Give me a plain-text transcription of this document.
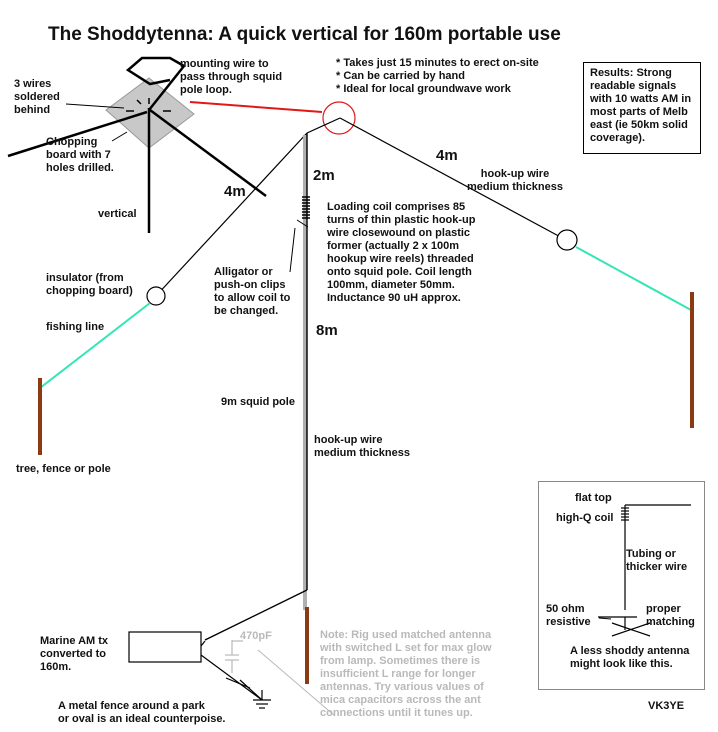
The Shoddytenna: A quick vertical for 160m portable use
* Takes just 15 minutes to erect on-site
* Can be carried by hand
* Ideal for local groundwave work
Results: Strong readable signals with 10 watts AM in most parts of Melb east (ie 50km solid coverage).
3 wires
soldered
behind
mounting wire to
pass through squid
pole loop.
Chopping
board with 7
holes drilled.
vertical
4m
2m
4m
8m
hook-up wire
medium thickness
Loading coil comprises 85
turns of thin plastic hook-up
wire closewound on plastic
former (actually 2 x 100m
hookup wire reels) threaded
onto squid pole. Coil length
100mm, diameter 50mm.
Inductance 90 uH approx.
Alligator or
push-on clips
to allow coil to
be changed.
insulator (from
chopping board)
fishing line
tree, fence or pole
9m squid pole
hook-up wire
medium thickness
Marine AM tx
converted to
160m.
470pF	Note: Rig used matched antenna
with switched L set for max glow
from lamp. Sometimes there is
insufficient L range for longer
antennas. Try various values of
mica capacitors across the ant
connections until it tunes up.
A metal fence around a park
or oval is an ideal counterpoise.
flat top
high-Q coil
Tubing or
thicker wire
50 ohm
resistive
proper
matching
A less shoddy antenna
might look like this.
VK3YE
